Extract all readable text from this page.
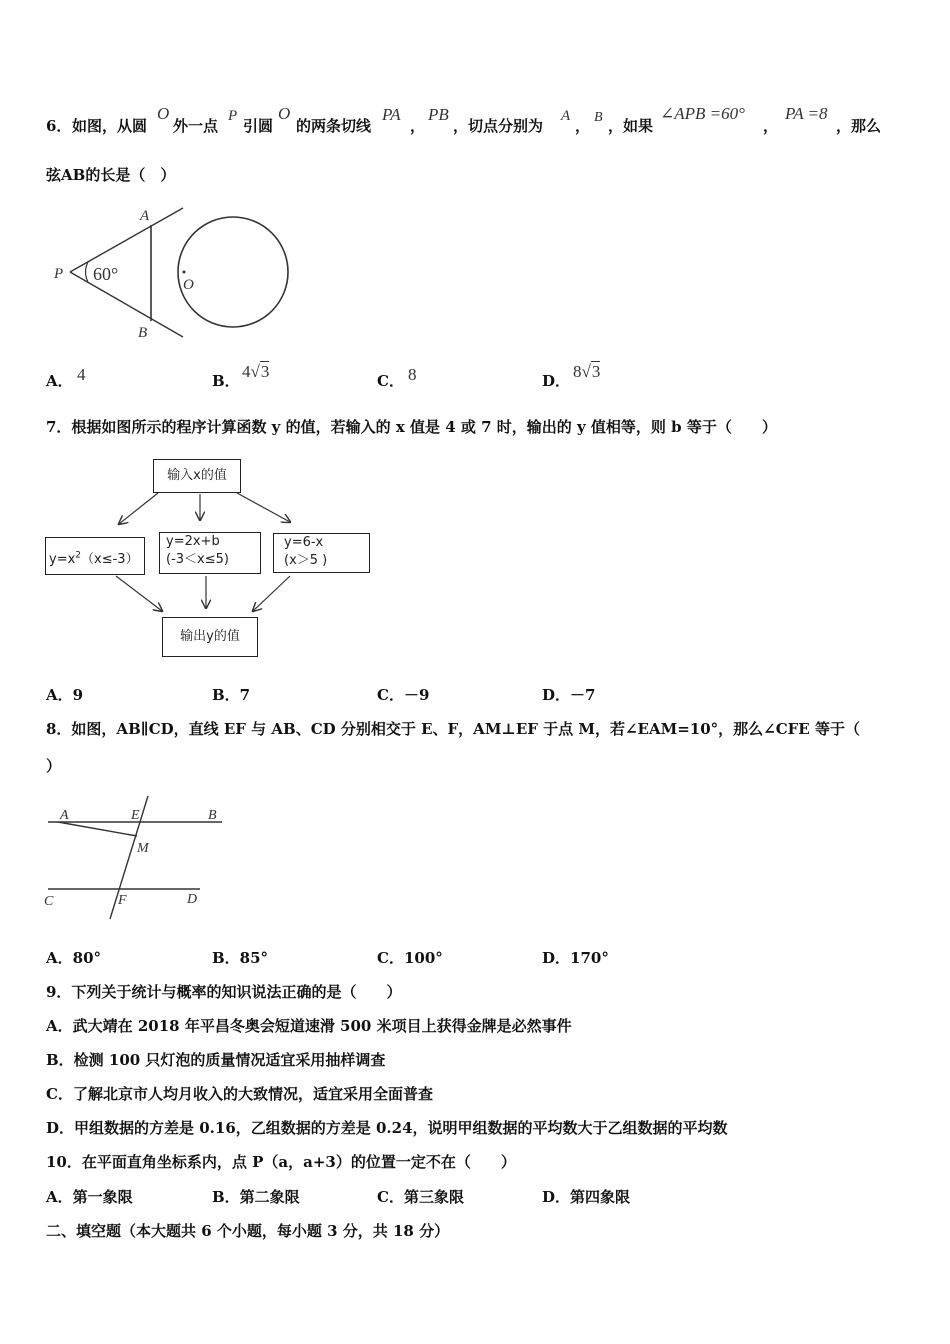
6． 如图，从圆
O
外一点
P
引圆
O
的两条切线
PA
，
PB
，切点分别为
A
， B ，如果
∠APB =60°
，
PA =8
，那么
弦AB的长是（　）
A
B
P
O
60°
A． 4	B． 4√3	C． 8	D． 8√3
7．根据如图所示的程序计算函数 y 的值，若输入的 x 值是 4 或 7 时，输出的 y 值相等，则 b 等于（　　）
输入x的值
$y=x^2(x\le-3)$
y=2x+b
(-3＜x≤5)
y=6-x
(x＞5 )
输出y的值
A．9	B．7	C．－9	D．－7
8．如图，AB∥CD，直线 EF 与 AB、CD 分别相交于 E、F，AM⊥EF 于点 M，若∠EAM=10°，那么∠CFE 等于（
）
A	E	B
M
C	F	D
A．80°	B．85°	C．100°	D．170°
9．下列关于统计与概率的知识说法正确的是（　　）
A．武大靖在 2018 年平昌冬奥会短道速滑 500 米项目上获得金牌是必然事件
B．检测 100 只灯泡的质量情况适宜采用抽样调查
C．了解北京市人均月收入的大致情况，适宜采用全面普查
D．甲组数据的方差是 0.16，乙组数据的方差是 0.24，说明甲组数据的平均数大于乙组数据的平均数
10．在平面直角坐标系内，点 P（a，a+3）的位置一定不在（　　）
A．第一象限	B．第二象限	C．第三象限	D．第四象限
二、填空题（本大题共 6 个小题，每小题 3 分，共 18 分）
